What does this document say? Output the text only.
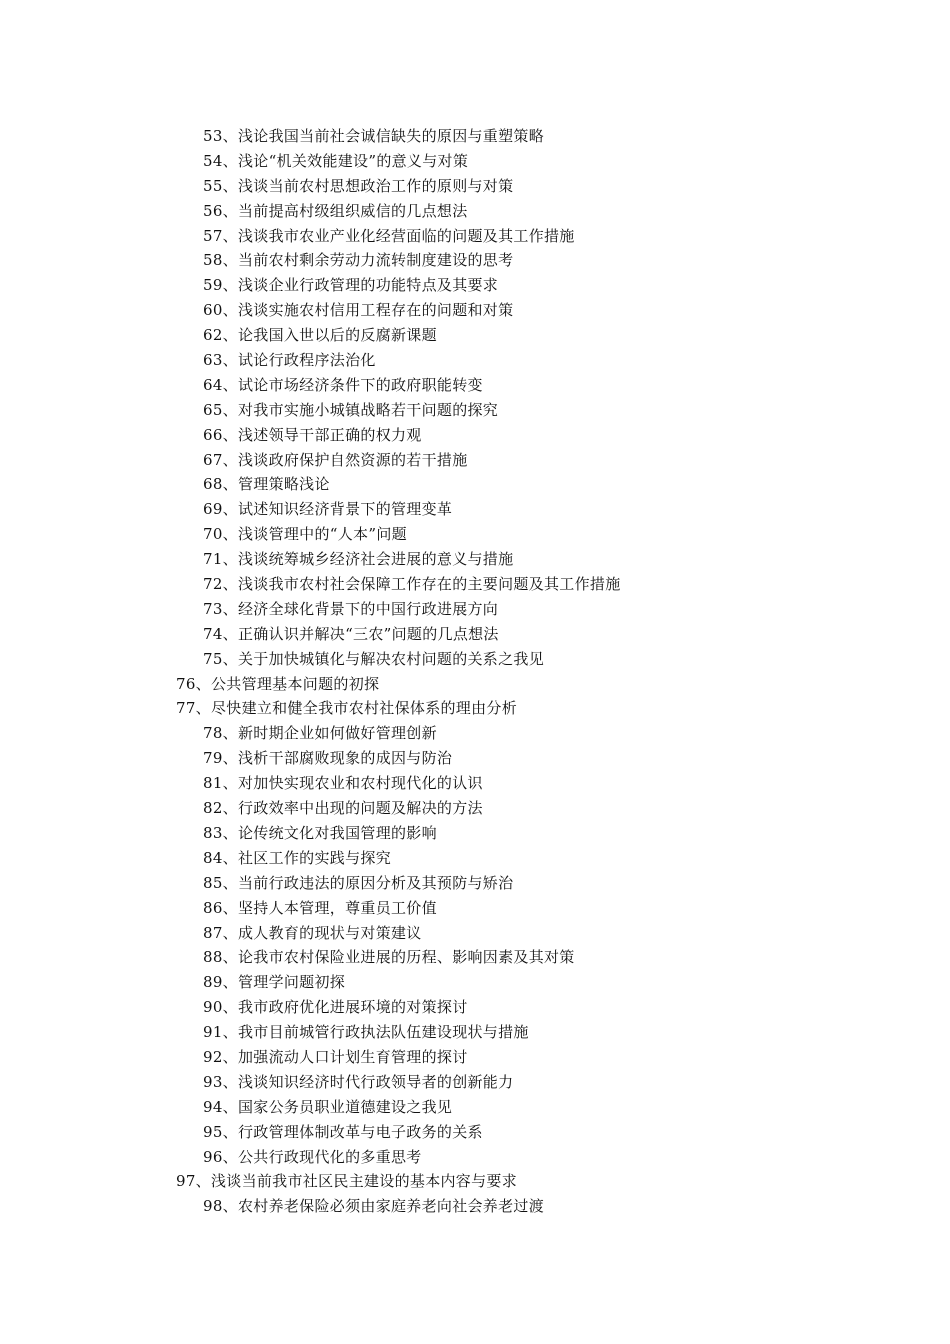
53、浅论我国当前社会诚信缺失的原因与重塑策略
54、浅论“机关效能建设”的意义与对策
55、浅谈当前农村思想政治工作的原则与对策
56、当前提高村级组织威信的几点想法
57、浅谈我市农业产业化经营面临的问题及其工作措施
58、当前农村剩余劳动力流转制度建设的思考
59、浅谈企业行政管理的功能特点及其要求
60、浅谈实施农村信用工程存在的问题和对策
62、论我国入世以后的反腐新课题
63、试论行政程序法治化
64、试论市场经济条件下的政府职能转变
65、对我市实施小城镇战略若干问题的探究
66、浅述领导干部正确的权力观
67、浅谈政府保护自然资源的若干措施
68、管理策略浅论
69、试述知识经济背景下的管理变革
70、浅谈管理中的“人本”问题
71、浅谈统筹城乡经济社会进展的意义与措施
72、浅谈我市农村社会保障工作存在的主要问题及其工作措施
73、经济全球化背景下的中国行政进展方向
74、正确认识并解决“三农”问题的几点想法
75、关于加快城镇化与解决农村问题的关系之我见
76、公共管理基本问题的初探
77、尽快建立和健全我市农村社保体系的理由分析
78、新时期企业如何做好管理创新
79、浅析干部腐败现象的成因与防治
81、对加快实现农业和农村现代化的认识
82、行政效率中出现的问题及解决的方法
83、论传统文化对我国管理的影响
84、社区工作的实践与探究
85、当前行政违法的原因分析及其预防与矫治
86、坚持人本管理，尊重员工价值
87、成人教育的现状与对策建议
88、论我市农村保险业进展的历程、影响因素及其对策
89、管理学问题初探
90、我市政府优化进展环境的对策探讨
91、我市目前城管行政执法队伍建设现状与措施
92、加强流动人口计划生育管理的探讨
93、浅谈知识经济时代行政领导者的创新能力
94、国家公务员职业道德建设之我见
95、行政管理体制改革与电子政务的关系
96、公共行政现代化的多重思考
97、浅谈当前我市社区民主建设的基本内容与要求
98、农村养老保险必须由家庭养老向社会养老过渡
